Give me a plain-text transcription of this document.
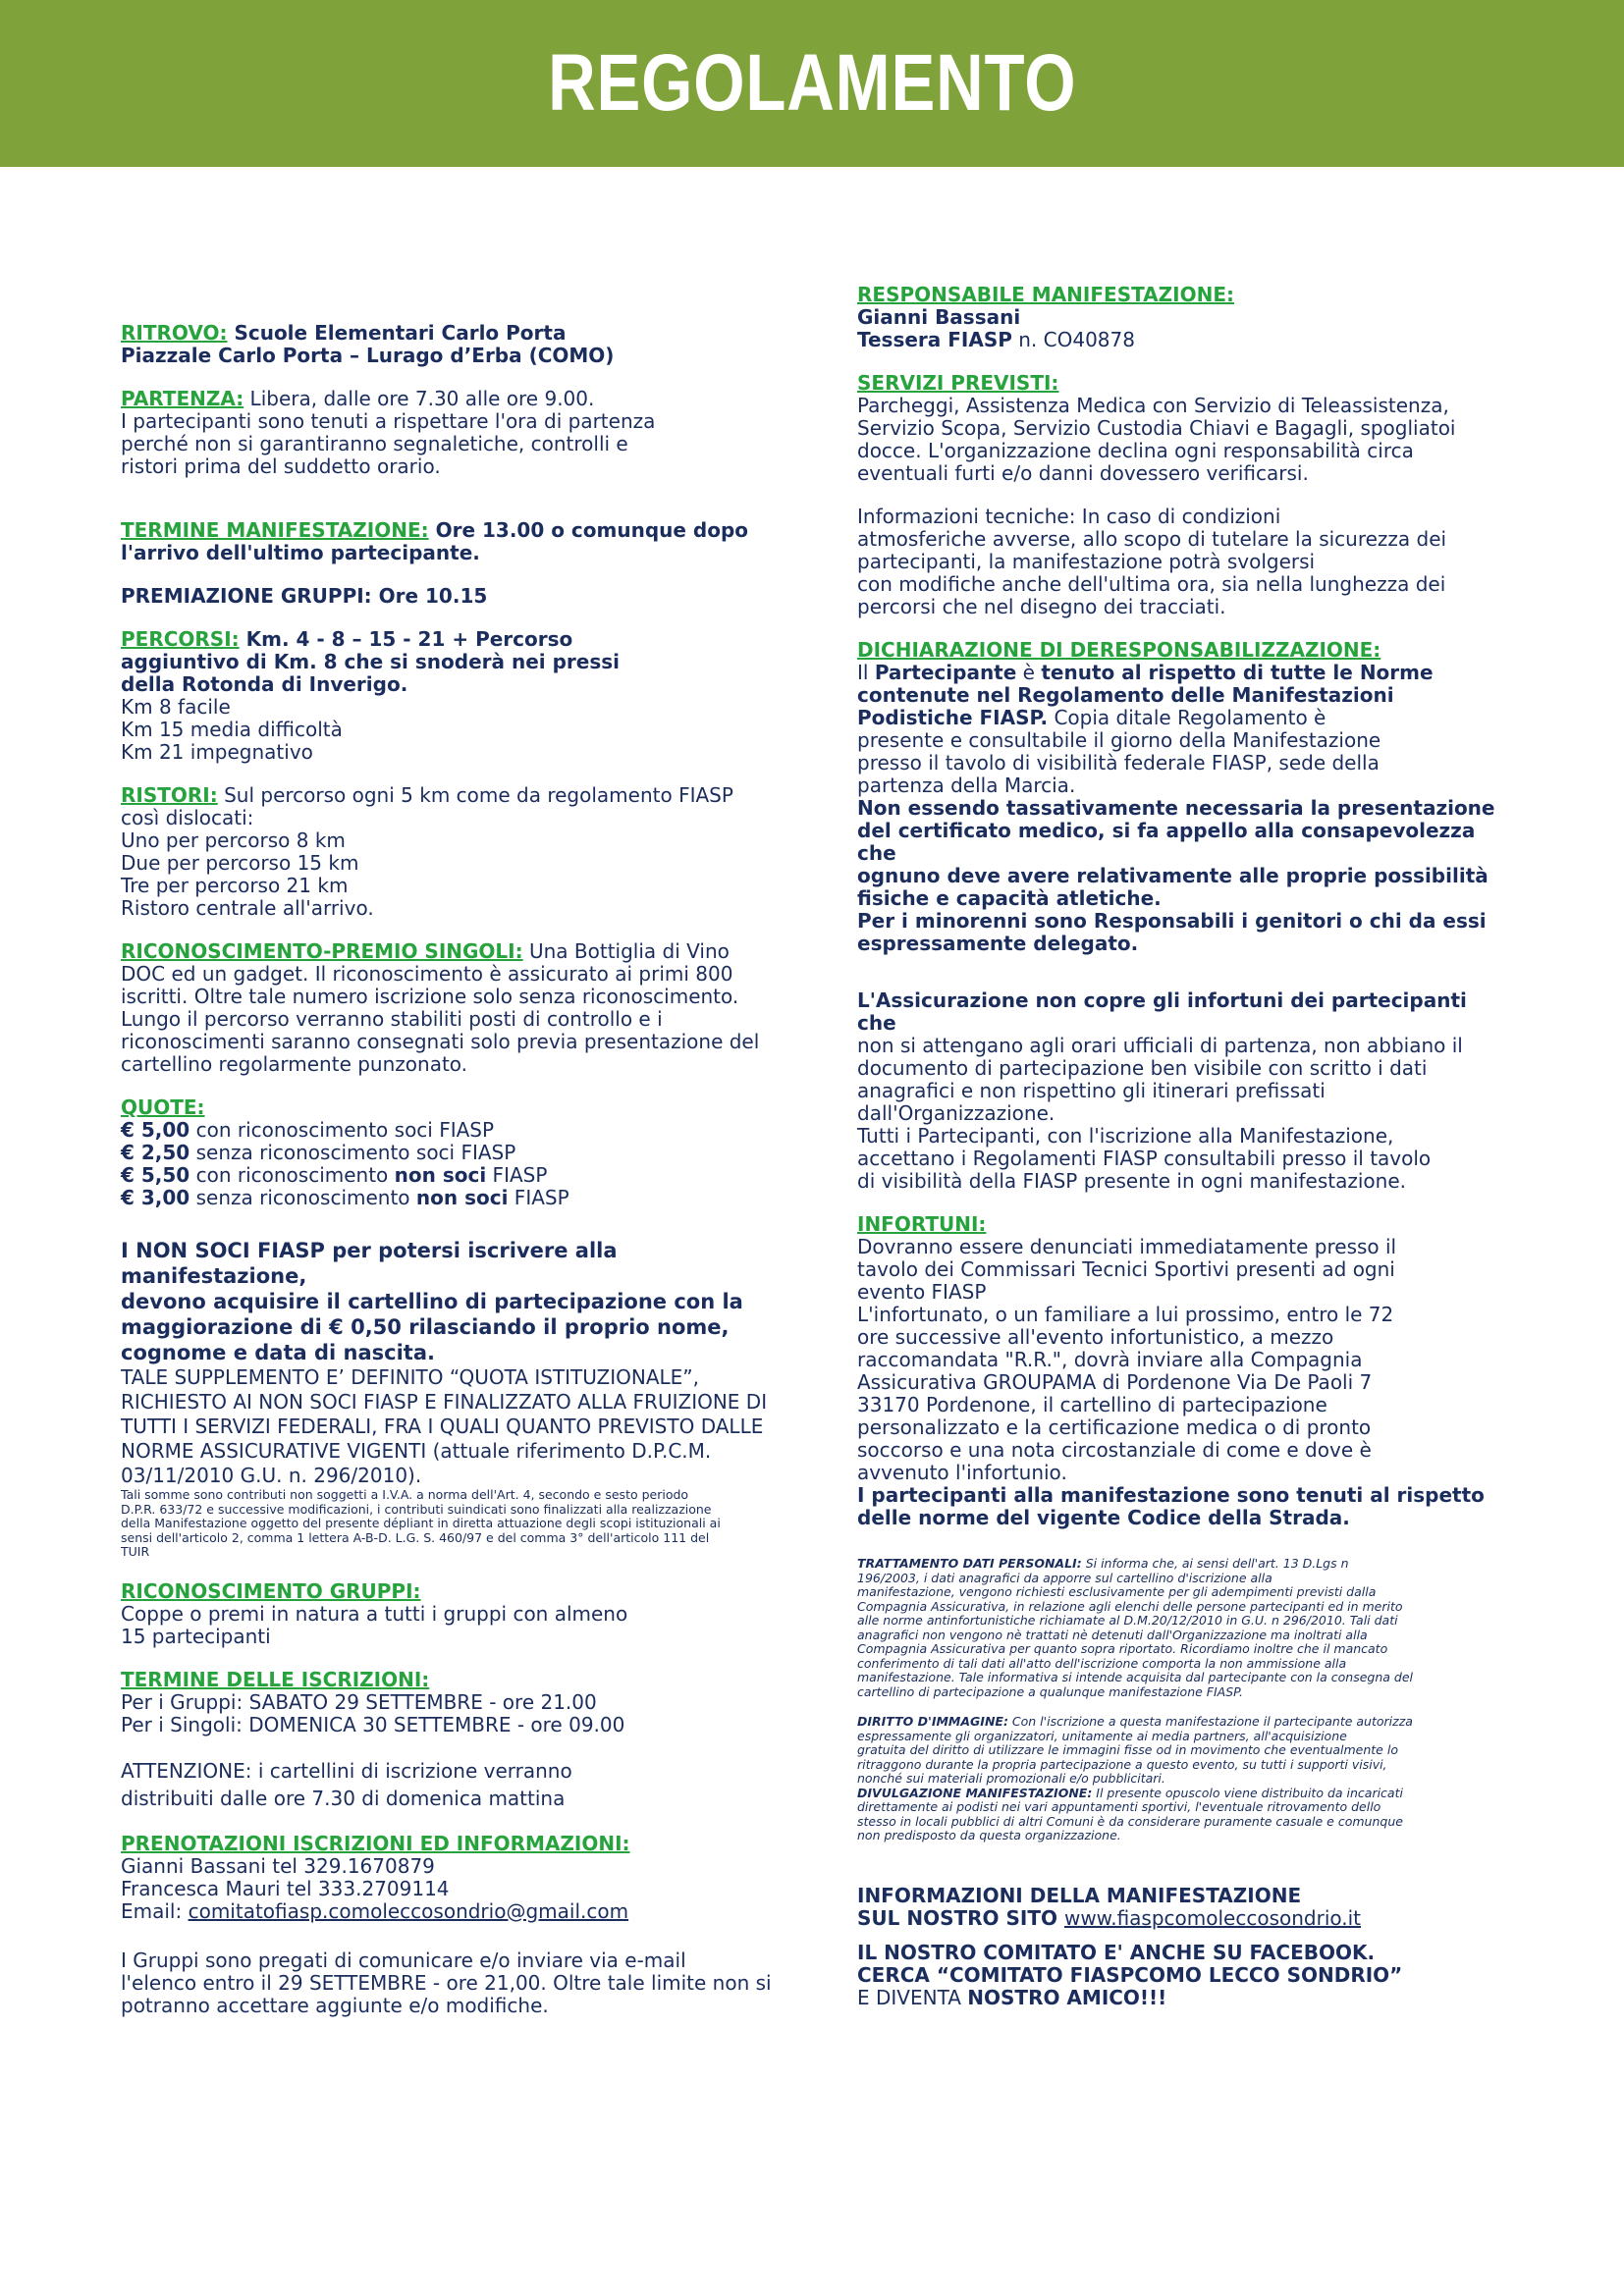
REGOLAMENTO

RITROVO: Scuole Elementari Carlo Porta

Piazzale Carlo Porta – Lurago d’Erba (COMO)

PARTENZA: Libera, dalle ore 7.30 alle ore 9.00.

I partecipanti sono tenuti a rispettare l'ora di partenza

perché non si garantiranno segnaletiche, controlli e

ristori prima del suddetto orario.

TERMINE MANIFESTAZIONE: Ore 13.00 o comunque dopo

l'arrivo dell'ultimo partecipante.

PREMIAZIONE GRUPPI: Ore 10.15

PERCORSI: Km. 4 - 8 – 15 - 21 + Percorso

aggiuntivo di Km. 8 che si snoderà nei pressi

della Rotonda di Inverigo.

Km 8 facile

Km 15 media difficoltà

Km 21 impegnativo

RISTORI: Sul percorso ogni 5 km come da regolamento FIASP

così dislocati:

Uno per percorso 8 km

Due per percorso 15 km

Tre per percorso 21 km

Ristoro centrale all'arrivo.

RICONOSCIMENTO-PREMIO SINGOLI: Una Bottiglia di Vino

DOC ed un gadget. Il riconoscimento è assicurato ai primi 800

iscritti. Oltre tale numero iscrizione solo senza riconoscimento.

Lungo il percorso verranno stabiliti posti di controllo e i

riconoscimenti saranno consegnati solo previa presentazione del

cartellino regolarmente punzonato.

QUOTE:

€ 5,00 con riconoscimento soci FIASP

€ 2,50 senza riconoscimento soci FIASP

€ 5,50 con riconoscimento non soci FIASP

€ 3,00 senza riconoscimento non soci FIASP

I NON SOCI FIASP per potersi iscrivere alla manifestazione,

devono acquisire il cartellino di partecipazione con la

maggiorazione di € 0,50 rilasciando il proprio nome,

cognome e data di nascita.

TALE SUPPLEMENTO E’ DEFINITO “QUOTA ISTITUZIONALE”,

RICHIESTO AI NON SOCI FIASP E FINALIZZATO ALLA FRUIZIONE DI

TUTTI I SERVIZI FEDERALI, FRA I QUALI QUANTO PREVISTO DALLE

NORME ASSICURATIVE VIGENTI (attuale riferimento D.P.C.M.

03/11/2010 G.U. n. 296/2010).

Tali somme sono contributi non soggetti a I.V.A. a norma dell'Art. 4, secondo e sesto periodo

D.P.R. 633/72 e successive modificazioni, i contributi suindicati sono finalizzati alla realizzazione

della Manifestazione oggetto del presente dépliant in diretta attuazione degli scopi istituzionali ai

sensi dell'articolo 2, comma 1 lettera A-B-D. L.G. S. 460/97 e del comma 3° dell'articolo 111 del

TUIR

RICONOSCIMENTO GRUPPI:

Coppe o premi in natura a tutti i gruppi con almeno

15 partecipanti

TERMINE DELLE ISCRIZIONI:

Per i Gruppi: SABATO 29 SETTEMBRE - ore 21.00

Per i Singoli: DOMENICA 30 SETTEMBRE - ore 09.00

ATTENZIONE: i cartellini di iscrizione verranno

distribuiti dalle ore 7.30 di domenica mattina

PRENOTAZIONI ISCRIZIONI ED INFORMAZIONI:

Gianni Bassani tel 329.1670879

Francesca Mauri tel 333.2709114

Email: comitatofiasp.comoleccosondrio@gmail.com

I Gruppi sono pregati di comunicare e/o inviare via e-mail

l'elenco entro il 29 SETTEMBRE - ore 21,00. Oltre tale limite non si

potranno accettare aggiunte e/o modifiche.

RESPONSABILE MANIFESTAZIONE:

Gianni Bassani

Tessera FIASP n. CO40878

SERVIZI PREVISTI:

Parcheggi, Assistenza Medica con Servizio di Teleassistenza,

Servizio Scopa, Servizio Custodia Chiavi e Bagagli, spogliatoi

docce. L'organizzazione declina ogni responsabilità circa

eventuali furti e/o danni dovessero verificarsi.

Informazioni tecniche: In caso di condizioni

atmosferiche avverse, allo scopo di tutelare la sicurezza dei

partecipanti, la manifestazione potrà svolgersi

con modifiche anche dell'ultima ora, sia nella lunghezza dei

percorsi che nel disegno dei tracciati.

DICHIARAZIONE DI DERESPONSABILIZZAZIONE:

Il Partecipante è tenuto al rispetto di tutte le Norme

contenute nel Regolamento delle Manifestazioni

Podistiche FIASP. Copia ditale Regolamento è

presente e consultabile il giorno della Manifestazione

presso il tavolo di visibilità federale FIASP, sede della

partenza della Marcia.

Non essendo tassativamente necessaria la presentazione

del certificato medico, si fa appello alla consapevolezza che

ognuno deve avere relativamente alle proprie possibilità

fisiche e capacità atletiche.

Per i minorenni sono Responsabili i genitori o chi da essi

espressamente delegato.

L'Assicurazione non copre gli infortuni dei partecipanti che

non si attengano agli orari ufficiali di partenza, non abbiano il

documento di partecipazione ben visibile con scritto i dati

anagrafici e non rispettino gli itinerari prefissati

dall'Organizzazione.

Tutti i Partecipanti, con l'iscrizione alla Manifestazione,

accettano i Regolamenti FIASP consultabili presso il tavolo

di visibilità della FIASP presente in ogni manifestazione.

INFORTUNI:

Dovranno essere denunciati immediatamente presso il

tavolo dei Commissari Tecnici Sportivi presenti ad ogni

evento FIASP

L'infortunato, o un familiare a lui prossimo, entro le 72

ore successive all'evento infortunistico, a mezzo

raccomandata "R.R.", dovrà inviare alla Compagnia

Assicurativa GROUPAMA di Pordenone Via De Paoli 7

33170 Pordenone, il cartellino di partecipazione

personalizzato e la certificazione medica o di pronto

soccorso e una nota circostanziale di come e dove è

avvenuto l'infortunio.

I partecipanti alla manifestazione sono tenuti al rispetto

delle norme del vigente Codice della Strada.

TRATTAMENTO DATI PERSONALI: Si informa che, ai sensi dell'art. 13 D.Lgs n

196/2003, i dati anagrafici da apporre sul cartellino d'iscrizione alla

manifestazione, vengono richiesti esclusivamente per gli adempimenti previsti dalla

Compagnia Assicurativa, in relazione agli elenchi delle persone partecipanti ed in merito

alle norme antinfortunistiche richiamate al D.M.20/12/2010 in G.U. n 296/2010. Tali dati

anagrafici non vengono nè trattati nè detenuti dall'Organizzazione ma inoltrati alla

Compagnia Assicurativa per quanto sopra riportato. Ricordiamo inoltre che il mancato

conferimento di tali dati all'atto dell'iscrizione comporta la non ammissione alla

manifestazione. Tale informativa si intende acquisita dal partecipante con la consegna del

cartellino di partecipazione a qualunque manifestazione FIASP.

DIRITTO D'IMMAGINE: Con l'iscrizione a questa manifestazione il partecipante autorizza

espressamente gli organizzatori, unitamente ai media partners, all'acquisizione

gratuita del diritto di utilizzare le immagini fisse od in movimento che eventualmente lo

ritraggono durante la propria partecipazione a questo evento, su tutti i supporti visivi,

nonché sui materiali promozionali e/o pubblicitari.

DIVULGAZIONE MANIFESTAZIONE: Il presente opuscolo viene distribuito da incaricati

direttamente ai podisti nei vari appuntamenti sportivi, l'eventuale ritrovamento dello

stesso in locali pubblici di altri Comuni è da considerare puramente casuale e comunque

non predisposto da questa organizzazione.

INFORMAZIONI DELLA MANIFESTAZIONE

SUL NOSTRO SITO www.fiaspcomoleccosondrio.it

IL NOSTRO COMITATO E' ANCHE SU FACEBOOK.

CERCA “COMITATO FIASPCOMO LECCO SONDRIO”

E DIVENTA NOSTRO AMICO!!!
